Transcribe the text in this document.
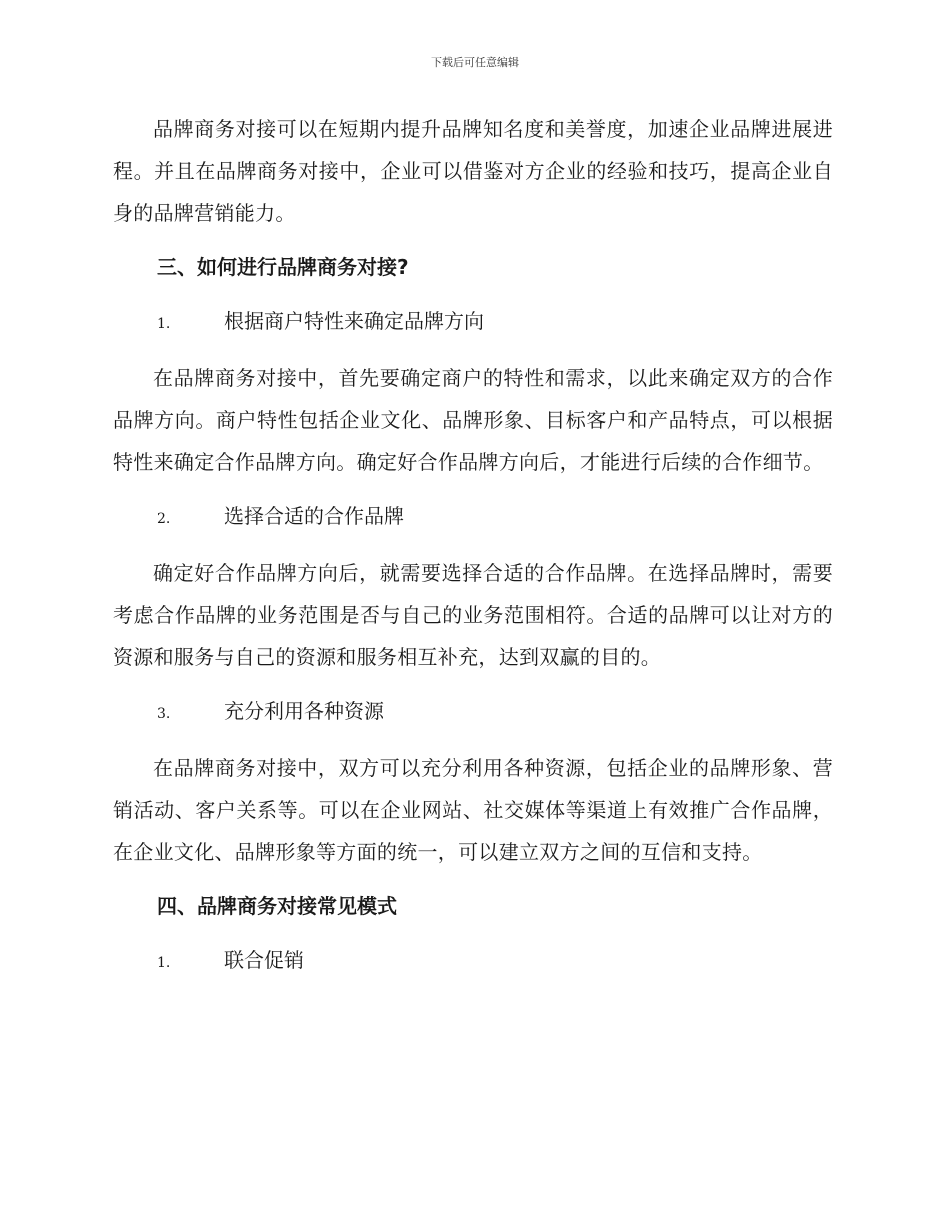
下载后可任意编辑

品牌商务对接可以在短期内提升品牌知名度和美誉度，加速企业品牌进展进程。并且在品牌商务对接中，企业可以借鉴对方企业的经验和技巧，提高企业自身的品牌营销能力。

三、如何进行品牌商务对接?
1.	根据商户特性来确定品牌方向

在品牌商务对接中，首先要确定商户的特性和需求，以此来确定双方的合作品牌方向。商户特性包括企业文化、品牌形象、目标客户和产品特点，可以根据特性来确定合作品牌方向。确定好合作品牌方向后，才能进行后续的合作细节。

2.	选择合适的合作品牌

确定好合作品牌方向后，就需要选择合适的合作品牌。在选择品牌时，需要考虑合作品牌的业务范围是否与自己的业务范围相符。合适的品牌可以让对方的资源和服务与自己的资源和服务相互补充，达到双赢的目的。

3.	充分利用各种资源

在品牌商务对接中，双方可以充分利用各种资源，包括企业的品牌形象、营销活动、客户关系等。可以在企业网站、社交媒体等渠道上有效推广合作品牌，在企业文化、品牌形象等方面的统一，可以建立双方之间的互信和支持。

四、品牌商务对接常见模式
1.	联合促销
